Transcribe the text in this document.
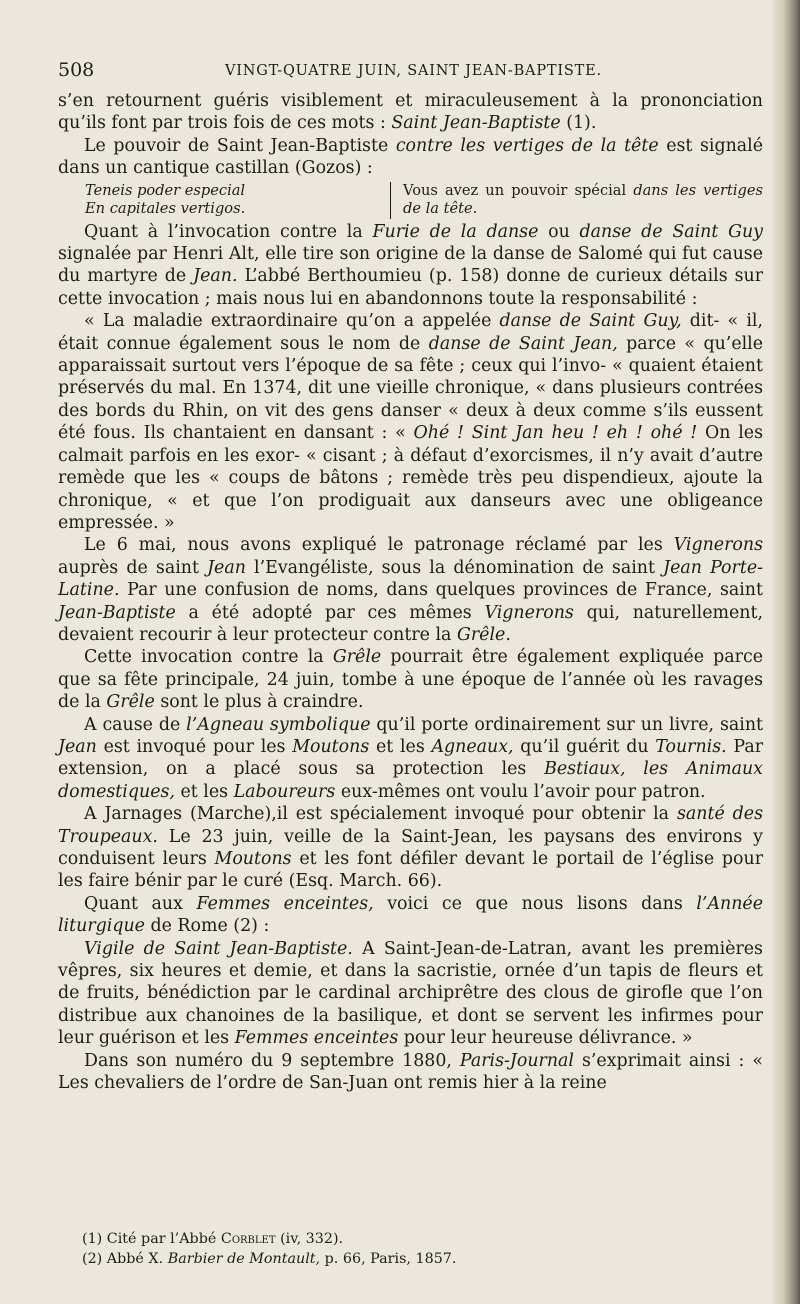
508	VINGT-QUATRE JUIN, SAINT JEAN-BAPTISTE.

s’en retournent guéris visiblement et miraculeusement à la prononciation qu’ils font par trois fois de ces mots : Saint Jean-Baptiste (1).

Le pouvoir de Saint Jean-Baptiste contre les vertiges de la tête est signalé dans un cantique castillan (Gozos) :

Teneis poder especial
En capitales vertigos.
Vous avez un pouvoir spécial dans les vertiges de la tête.

Quant à l’invocation contre la Furie de la danse ou danse de Saint Guy signalée par Henri Alt, elle tire son origine de la danse de Salomé qui fut cause du martyre de Jean. L’abbé Berthoumieu (p. 158) donne de curieux détails sur cette invocation ; mais nous lui en abandonnons toute la responsabilité :

« La maladie extraordinaire qu’on a appelée danse de Saint Guy, dit- « il, était connue également sous le nom de danse de Saint Jean, parce « qu’elle apparaissait surtout vers l’époque de sa fête ; ceux qui l’invo- « quaient étaient préservés du mal. En 1374, dit une vieille chronique, « dans plusieurs contrées des bords du Rhin, on vit des gens danser « deux à deux comme s’ils eussent été fous. Ils chantaient en dansant : « Ohé ! Sint Jan heu ! eh ! ohé ! On les calmait parfois en les exor- « cisant ; à défaut d’exorcismes, il n’y avait d’autre remède que les « coups de bâtons ; remède très peu dispendieux, ajoute la chronique, « et que l’on prodiguait aux danseurs avec une obligeance empressée. »

Le 6 mai, nous avons expliqué le patronage réclamé par les Vignerons auprès de saint Jean l’Evangéliste, sous la dénomination de saint Jean Porte-Latine. Par une confusion de noms, dans quelques provinces de France, saint Jean-Baptiste a été adopté par ces mêmes Vignerons qui, naturellement, devaient recourir à leur protecteur contre la Grêle.

Cette invocation contre la Grêle pourrait être également expliquée parce que sa fête principale, 24 juin, tombe à une époque de l’année où les ravages de la Grêle sont le plus à craindre.

A cause de l’Agneau symbolique qu’il porte ordinairement sur un livre, saint Jean est invoqué pour les Moutons et les Agneaux, qu’il guérit du Tournis. Par extension, on a placé sous sa protection les Bestiaux, les Animaux domestiques, et les Laboureurs eux-mêmes ont voulu l’avoir pour patron.

A Jarnages (Marche),il est spécialement invoqué pour obtenir la santé des Troupeaux. Le 23 juin, veille de la Saint-Jean, les paysans des environs y conduisent leurs Moutons et les font défiler devant le portail de l’église pour les faire bénir par le curé (Esq. March. 66).

Quant aux Femmes enceintes, voici ce que nous lisons dans l’Année liturgique de Rome (2) :

Vigile de Saint Jean-Baptiste. A Saint-Jean-de-Latran, avant les premières vêpres, six heures et demie, et dans la sacristie, ornée d’un tapis de fleurs et de fruits, bénédiction par le cardinal archiprêtre des clous de girofle que l’on distribue aux chanoines de la basilique, et dont se servent les infirmes pour leur guérison et les Femmes enceintes pour leur heureuse délivrance. »

Dans son numéro du 9 septembre 1880, Paris-Journal s’exprimait ainsi : « Les chevaliers de l’ordre de San-Juan ont remis hier à la reine

(1) Cité par l’Abbé Corblet (iv, 332).

(2) Abbé X. Barbier de Montault, p. 66, Paris, 1857.
